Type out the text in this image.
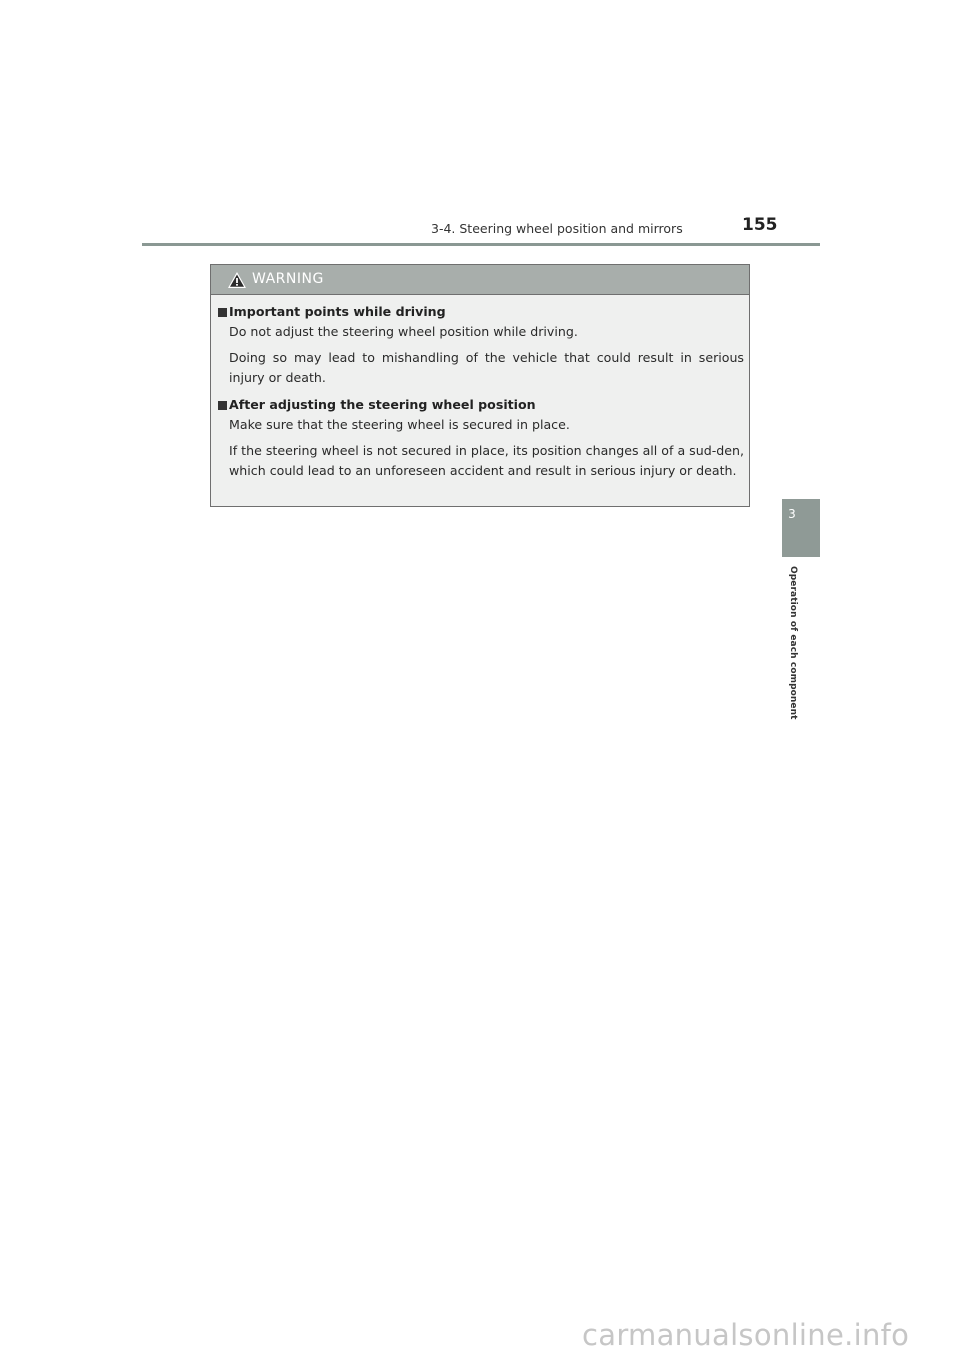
3-4. Steering wheel position and mirrors	155
3
Operation of each component
WARNING
Important points while driving

Do not adjust the steering wheel position while driving.

Doing so may lead to mishandling of the vehicle that could result in serious injury or death.

After adjusting the steering wheel position

Make sure that the steering wheel is secured in place.

If the steering wheel is not secured in place, its position changes all of a sud-den, which could lead to an unforeseen accident and result in serious injury or death.

carmanualsonline.info
